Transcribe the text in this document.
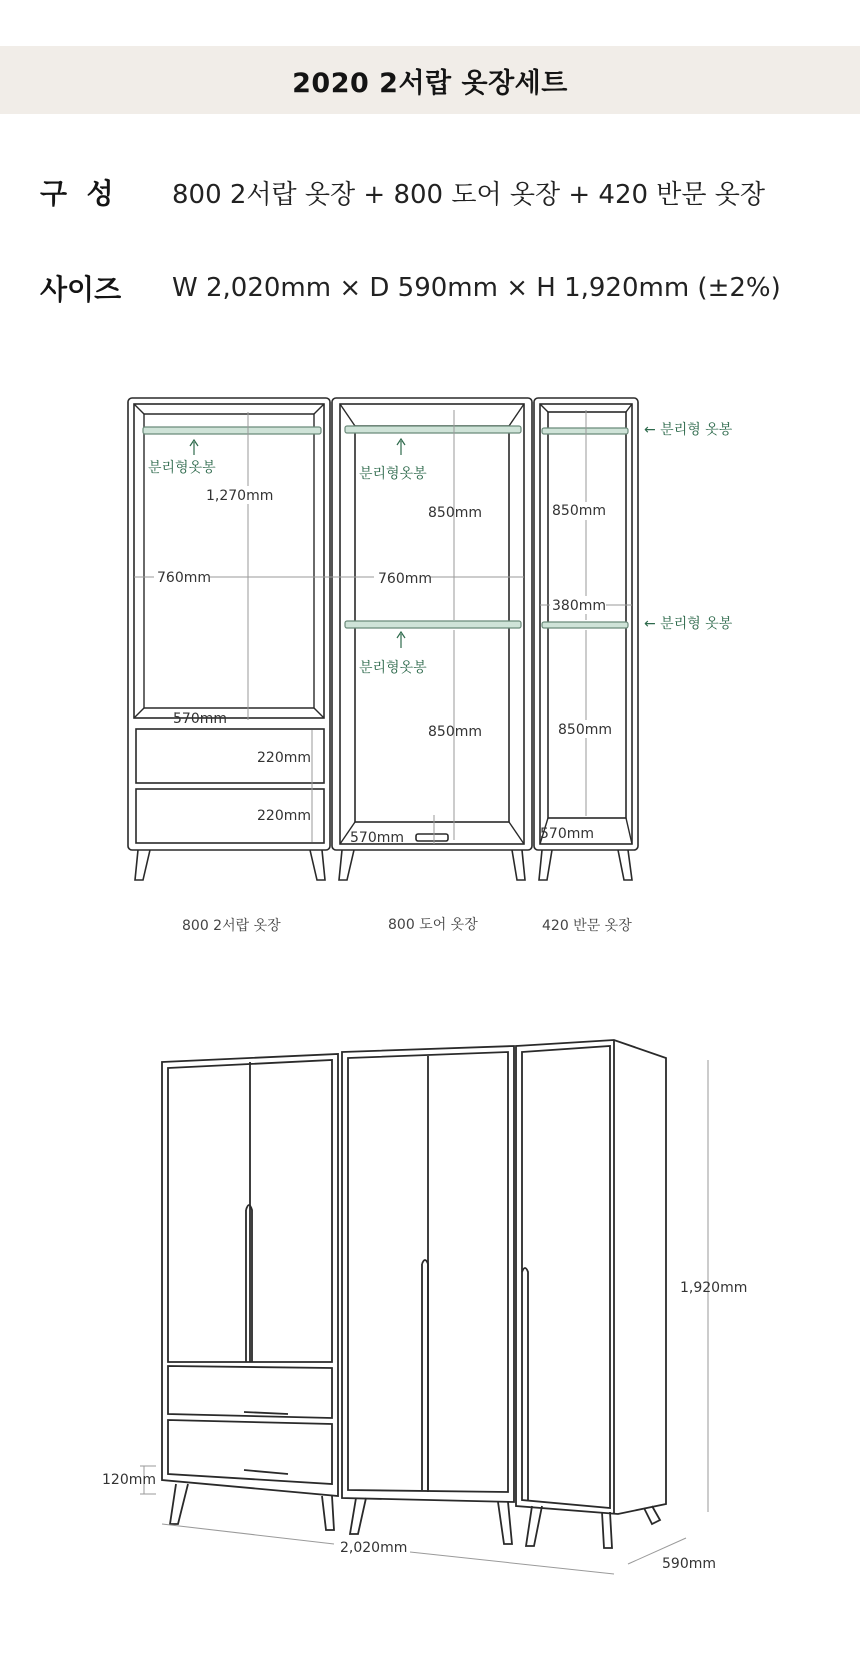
2020 2서랍 옷장세트
구  성	800 2서랍 옷장 + 800 도어 옷장 + 420 반문 옷장
사이즈	W 2,020mm × D 590mm × H 1,920mm (±2%)
분리형옷봉	분리형옷봉
분리형옷봉
← 분리형 옷봉
← 분리형 옷봉
1,270mm
760mm	760mm
850mm
850mm
850mm
380mm
850mm
570mm
220mm
220mm
570mm	570mm
800 2서랍 옷장	800 도어 옷장	420 반문 옷장
1,920mm
120mm
2,020mm
590mm
